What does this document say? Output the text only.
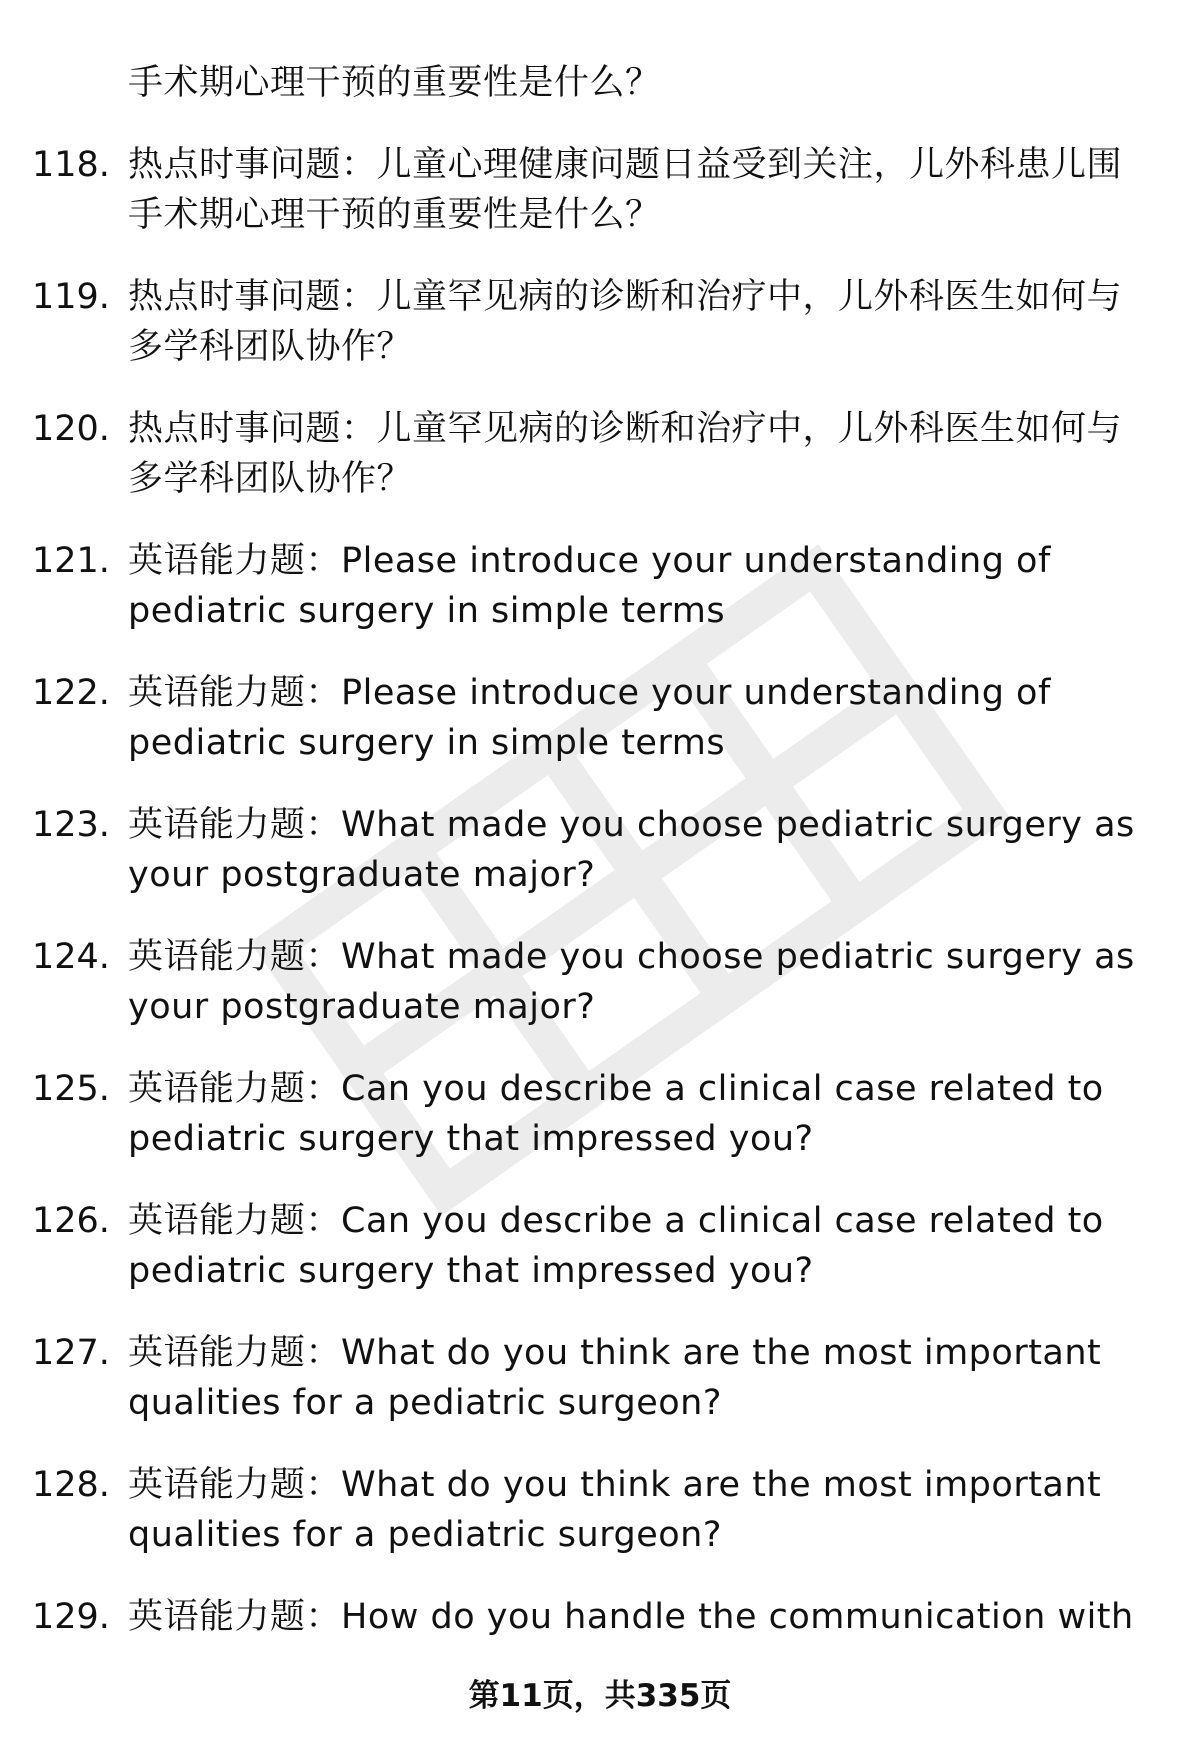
手术期心理干预的重要性是什么？
118. 热点时事问题：儿童心理健康问题日益受到关注，儿外科患儿围手术期心理干预的重要性是什么？
119. 热点时事问题：儿童罕见病的诊断和治疗中，儿外科医生如何与多学科团队协作？
120. 热点时事问题：儿童罕见病的诊断和治疗中，儿外科医生如何与多学科团队协作？
121. 英语能力题：Please introduce your understanding of pediatric surgery in simple terms
122. 英语能力题：Please introduce your understanding of pediatric surgery in simple terms
123. 英语能力题：What made you choose pediatric surgery as your postgraduate major?
124. 英语能力题：What made you choose pediatric surgery as your postgraduate major?
125. 英语能力题：Can you describe a clinical case related to pediatric surgery that impressed you?
126. 英语能力题：Can you describe a clinical case related to pediatric surgery that impressed you?
127. 英语能力题：What do you think are the most important qualities for a pediatric surgeon?
128. 英语能力题：What do you think are the most important qualities for a pediatric surgeon?
129. 英语能力题：How do you handle the communication with
第11页，共335页
